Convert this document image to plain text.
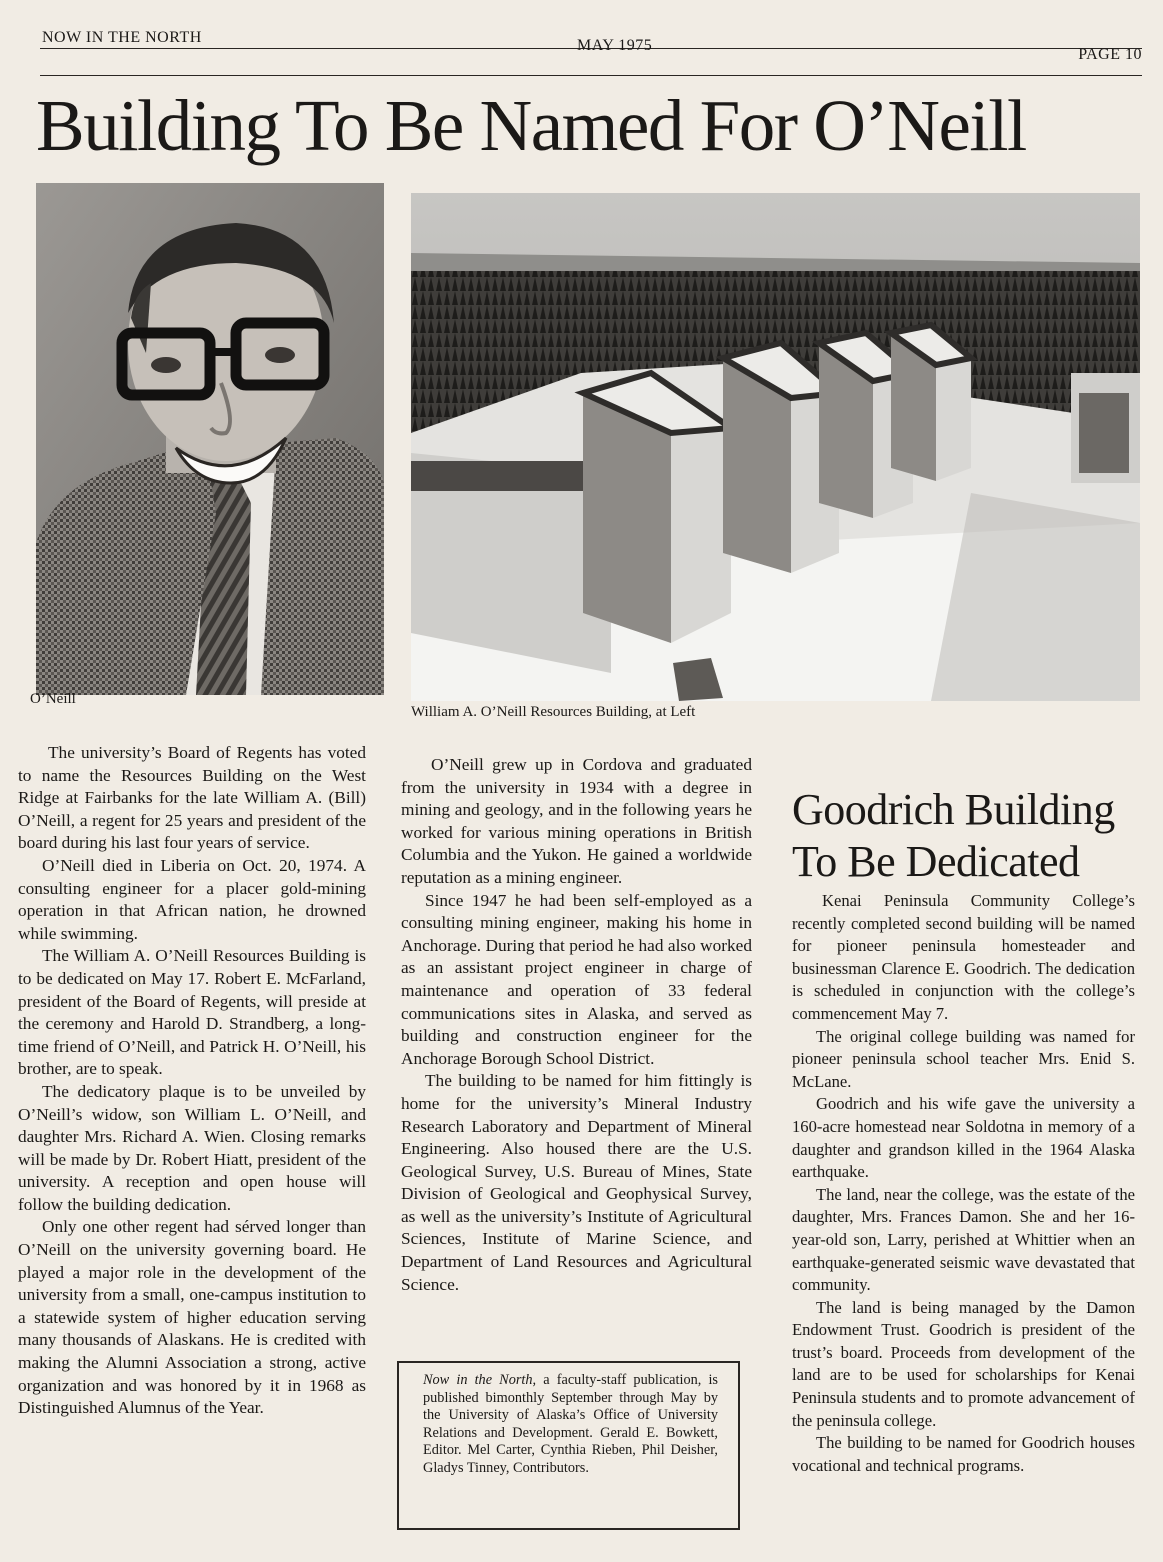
NOW IN THE NORTH	MAY 1975
PAGE 10
Building To Be Named For O’Neill
O’Neill
William A. O’Neill Resources Building, at Left

The university’s Board of Regents has voted to name the Resources Building on the West Ridge at Fairbanks for the late William A. (Bill) O’Neill, a regent for 25 years and president of the board during his last four years of service.

O’Neill died in Liberia on Oct. 20, 1974. A consulting engineer for a placer gold-mining operation in that African nation, he drowned while swimming.

The William A. O’Neill Resources Building is to be dedicated on May 17. Robert E. McFarland, president of the Board of Regents, will preside at the ceremony and Harold D. Strandberg, a long-time friend of O’Neill, and Patrick H. O’Neill, his brother, are to speak.

The dedicatory plaque is to be unveiled by O’Neill’s widow, son William L. O’Neill, and daughter Mrs. Richard A. Wien. Closing remarks will be made by Dr. Robert Hiatt, president of the university. A reception and open house will follow the building dedication.

Only one other regent had sérved longer than O’Neill on the university governing board. He played a major role in the development of the university from a small, one-campus institution to a statewide system of higher education serving many thousands of Alaskans. He is credited with making the Alumni Association a strong, active organization and was honored by it in 1968 as Distinguished Alumnus of the Year.

O’Neill grew up in Cordova and graduated from the university in 1934 with a degree in mining and geology, and in the following years he worked for various mining operations in British Columbia and the Yukon. He gained a worldwide reputation as a mining engineer.

Since 1947 he had been self-employed as a consulting mining engineer, making his home in Anchorage. During that period he had also worked as an assistant project engineer in charge of maintenance and operation of 33 federal communications sites in Alaska, and served as building and construction engineer for the Anchorage Borough School District.

The building to be named for him fittingly is home for the university’s Mineral Industry Research Laboratory and Department of Mineral Engineering. Also housed there are the U.S. Geological Survey, U.S. Bureau of Mines, State Division of Geological and Geophysical Survey, as well as the university’s Institute of Agricultural Sciences, Institute of Marine Science, and Department of Land Resources and Agricultural Science.

Now in the North, a faculty-staff publication, is published bimonthly September through May by the University of Alaska’s Office of University Relations and Development. Gerald E. Bowkett, Editor. Mel Carter, Cynthia Rieben, Phil Deisher, Gladys Tinney, Contributors.

Goodrich Building
To Be Dedicated

Kenai Peninsula Community College’s recently completed second building will be named for pioneer peninsula homesteader and businessman Clarence E. Goodrich. The dedication is scheduled in conjunction with the college’s commencement May 7.

The original college building was named for pioneer peninsula school teacher Mrs. Enid S. McLane.

Goodrich and his wife gave the university a 160-acre homestead near Soldotna in memory of a daughter and grandson killed in the 1964 Alaska earthquake.

The land, near the college, was the estate of the daughter, Mrs. Frances Damon. She and her 16-year-old son, Larry, perished at Whittier when an earthquake-generated seismic wave devastated that community.

The land is being managed by the Damon Endowment Trust. Goodrich is president of the trust’s board. Proceeds from development of the land are to be used for scholarships for Kenai Peninsula students and to promote advancement of the peninsula college.

The building to be named for Goodrich houses vocational and technical programs.
